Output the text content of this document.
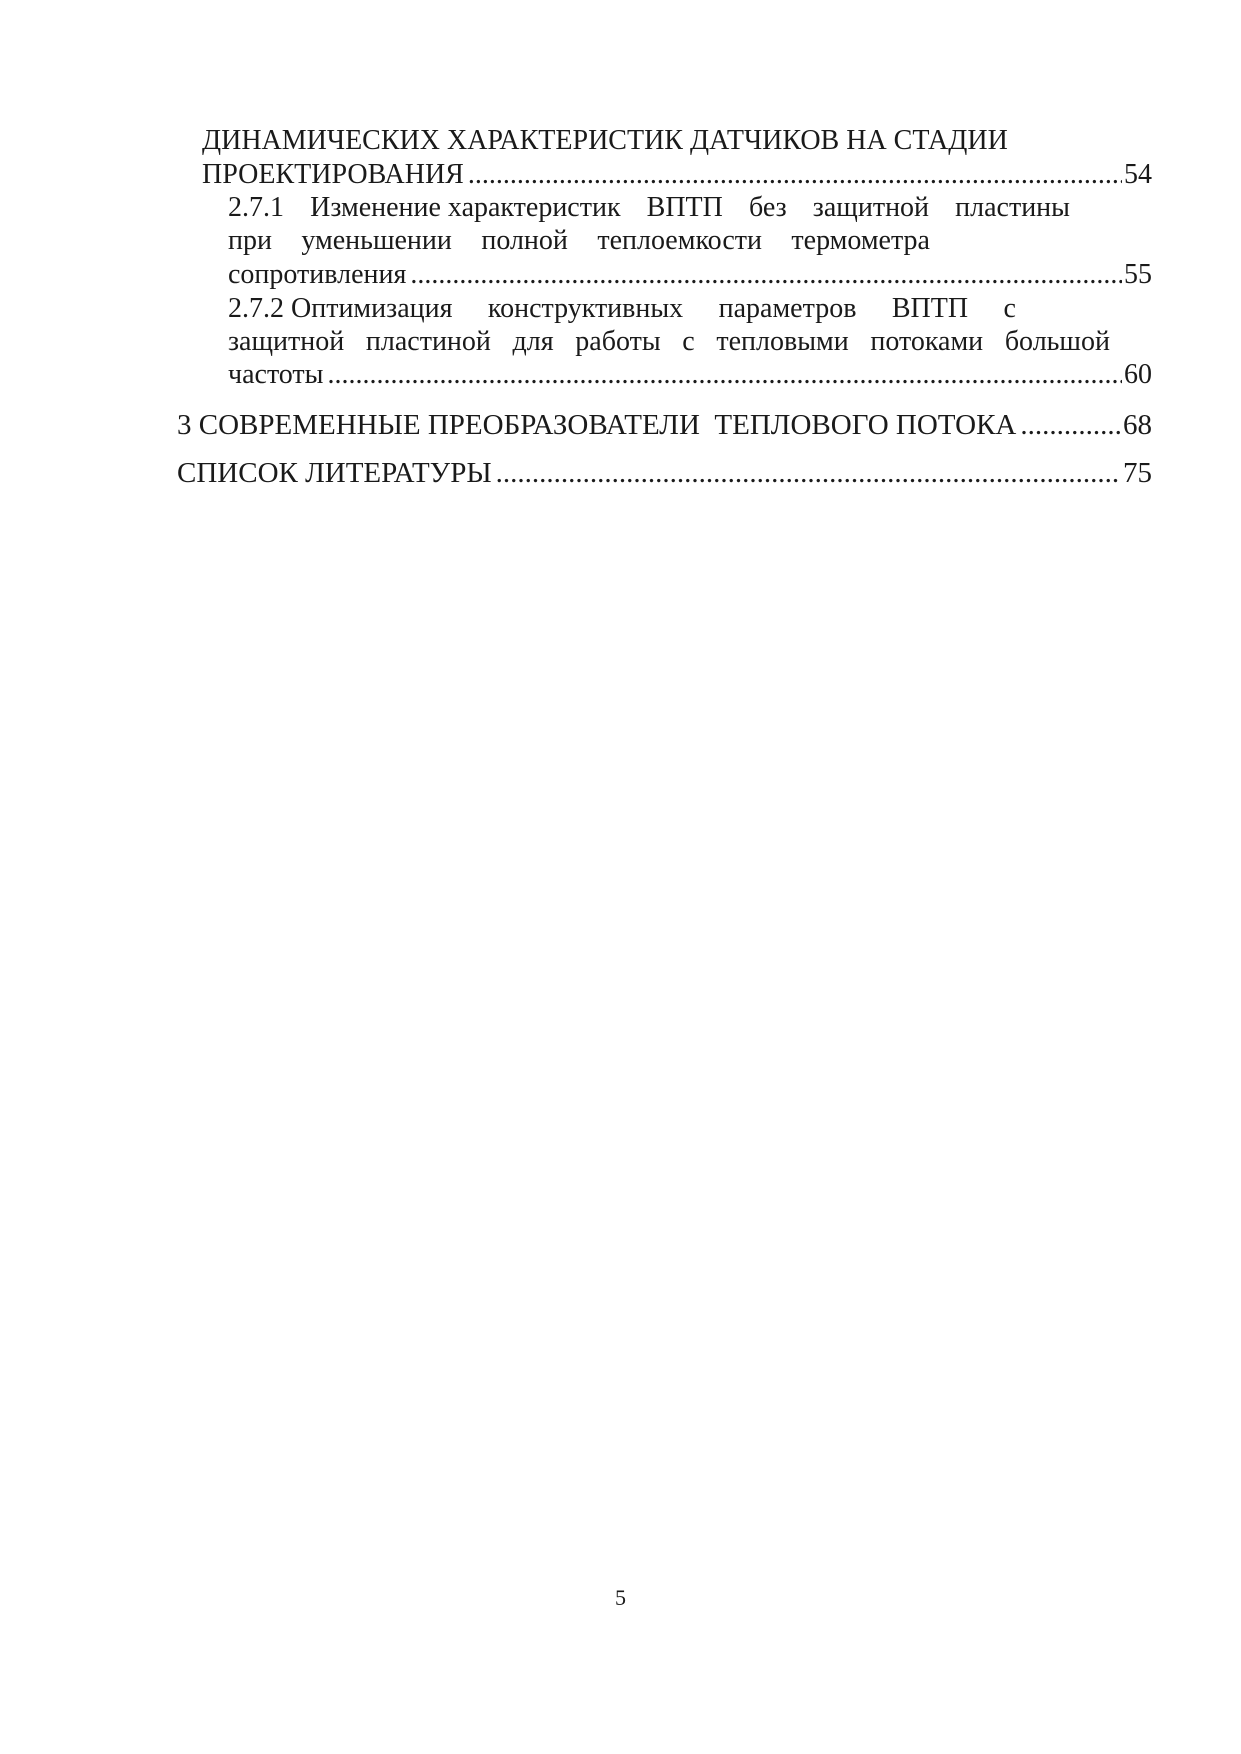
ДИНАМИЧЕСКИХ ХАРАКТЕРИСТИК ДАТЧИКОВ НА СТАДИИ
ПРОЕКТИРОВАНИЯ .....	54
2.7.1 Изменение характеристик ВПТП без защитной пластины
при уменьшении полной теплоемкости термометра
сопротивления .....	55
2.7.2 Оптимизация конструктивных параметров ВПТП с
защитной пластиной для работы с тепловыми потоками большой
частоты .....	60
3 СОВРЕМЕННЫЕ ПРЕОБРАЗОВАТЕЛИ  ТЕПЛОВОГО ПОТОКА .....	68
СПИСОК ЛИТЕРАТУРЫ .....	75
5
